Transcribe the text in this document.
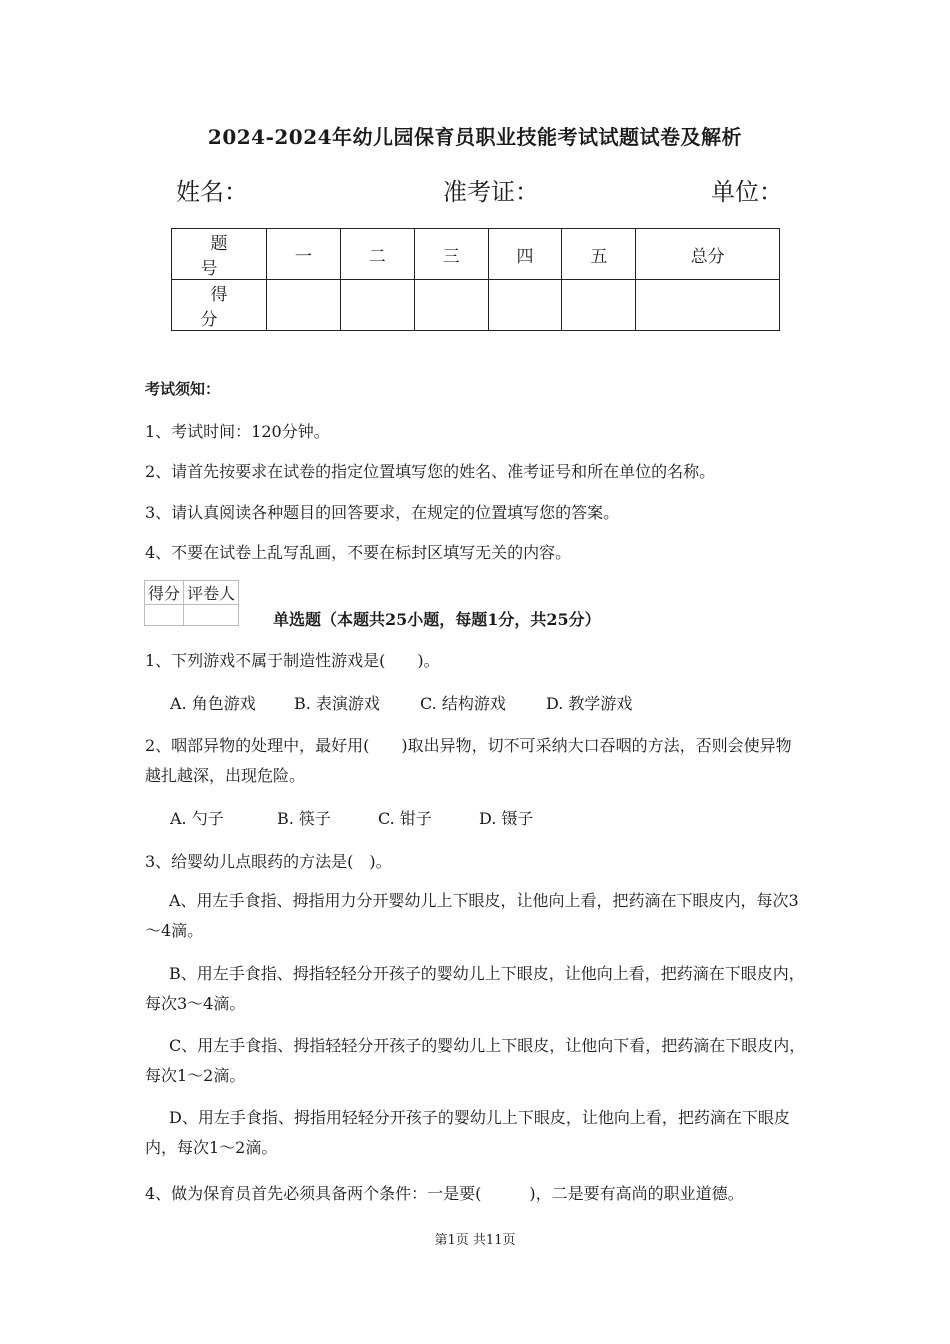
2024-2024年幼儿园保育员职业技能考试试题试卷及解析
姓名：	准考证：	单位：
题　号	一	二	三	四	五	总分
得　分						
考试须知：
1、考试时间：120分钟。
2、请首先按要求在试卷的指定位置填写您的姓名、准考证号和所在单位的名称。
3、请认真阅读各种题目的回答要求，在规定的位置填写您的答案。
4、不要在试卷上乱写乱画，不要在标封区填写无关的内容。
得分	评卷人

单选题（本题共25小题，每题1分，共25分）
1、下列游戏不属于制造性游戏是(　　)。
A. 角色游戏 B. 表演游戏	C. 结构游戏	D. 教学游戏
2、咽部异物的处理中，最好用(　　)取出异物，切不可采纳大口吞咽的方法，否则会使异物越扎越深，出现危险。
A. 勺子	B. 筷子	C. 钳子	D. 镊子
3、给婴幼儿点眼药的方法是(　)。
A、用左手食指、拇指用力分开婴幼儿上下眼皮，让他向上看，把药滴在下眼皮内，每次3～4滴。
B、用左手食指、拇指轻轻分开孩子的婴幼儿上下眼皮，让他向上看，把药滴在下眼皮内，每次3～4滴。
C、用左手食指、拇指轻轻分开孩子的婴幼儿上下眼皮，让他向下看，把药滴在下眼皮内，每次1～2滴。
D、用左手食指、拇指用轻轻分开孩子的婴幼儿上下眼皮，让他向上看，把药滴在下眼皮内，每次1～2滴。
4、做为保育员首先必须具备两个条件：一是要(　　　)，二是要有高尚的职业道德。
第1页 共11页
